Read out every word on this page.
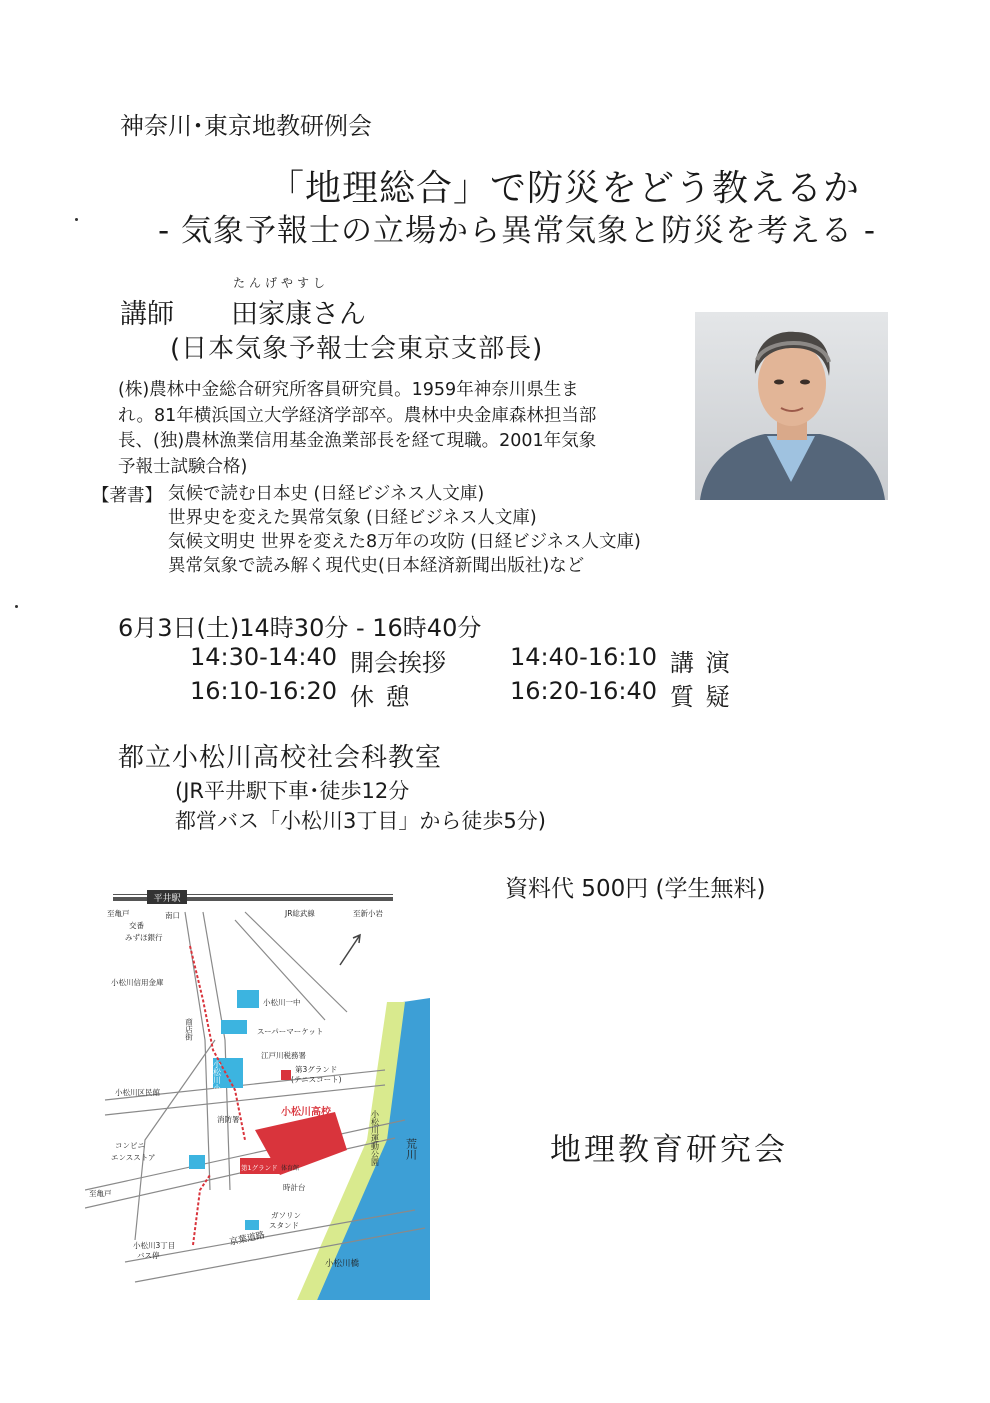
神奈川･東京地教研例会
「地理総合」で防災をどう教えるか
- 気象予報士の立場から異常気象と防災を考える -
講師
たんげやすし
田家康さん
(日本気象予報士会東京支部長)
(株)農林中金総合研究所客員研究員。1959年神奈川県生ま
れ。81年横浜国立大学経済学部卒。農林中央金庫森林担当部
長、(独)農林漁業信用基金漁業部長を経て現職。2001年気象
予報士試験合格)
【著書】 気候で読む日本史 (日経ビジネス人文庫)
世界史を変えた異常気象 (日経ビジネス人文庫)
気候文明史 世界を変えた8万年の攻防 (日経ビジネス人文庫)
異常気象で読み解く現代史(日本経済新聞出版社)など
6月3日(土)14時30分 - 16時40分
14:30-14:40 開会挨拶	14:40-16:10 講 演
16:10-16:20 休 憩	16:20-16:40 質 疑
都立小松川高校社会科教室
(JR平井駅下車･徒歩12分
都営バス「小松川3丁目」から徒歩5分)
資料代 500円 (学生無料)
地理教育研究会
平井駅
南口	JR総武線	至新小岩
至亀戸
交番
みずほ銀行
小松川信用金庫
小松川一中
スーパーマーケット
江戸川税務署
第3グランド
(テニスコート)
小松川区民館
消防署
コンビニ
エンスストア
第1グランド 体育館
時計台
至亀戸
ガソリン
スタンド
小松川3丁目
バス停
小松川橋
小松川高校
京葉道路
商店街
小松川小
小松川運動公園 荒川
